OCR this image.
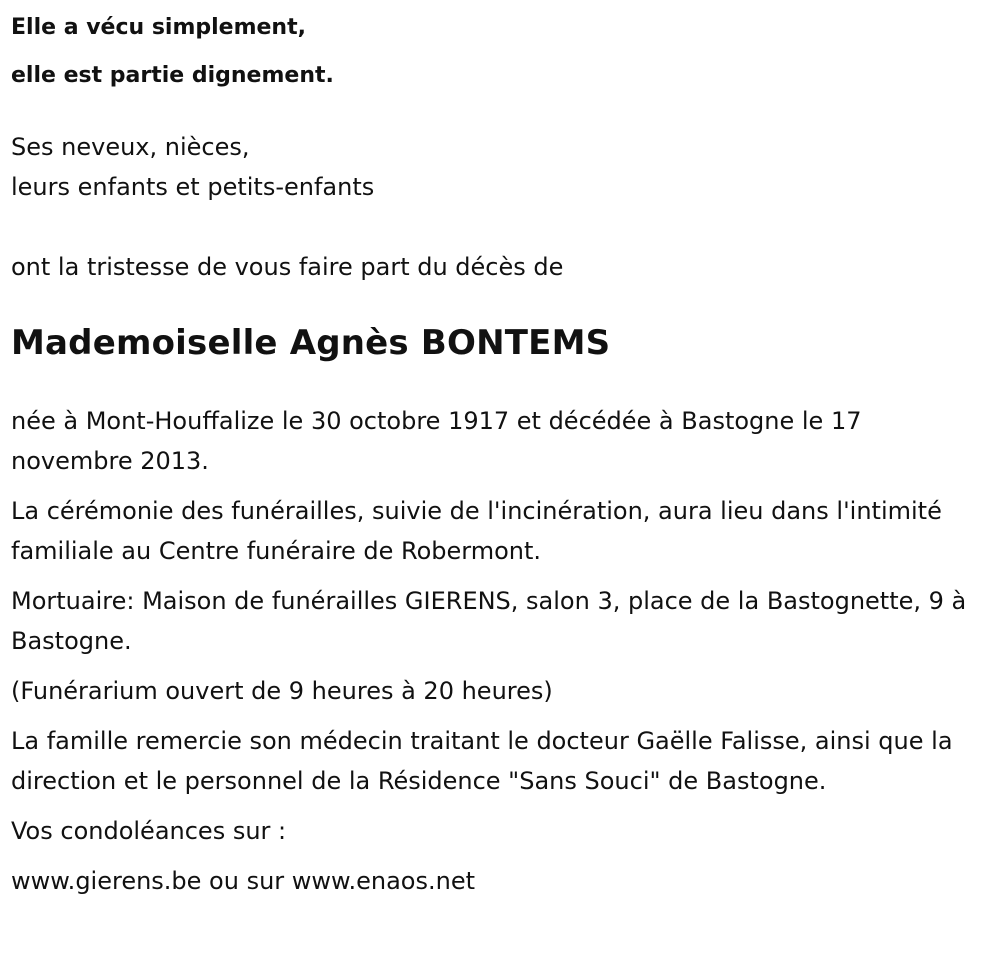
Elle a vécu simplement,
elle est partie dignement.
Ses neveux, nièces,
leurs enfants et petits-enfants

ont la tristesse de vous faire part du décès de

Mademoiselle Agnès BONTEMS

née à Mont-Houffalize le 30 octobre 1917 et décédée à Bastogne le 17 novembre 2013.

La cérémonie des funérailles, suivie de l'incinération, aura lieu dans l'intimité familiale au Centre funéraire de Robermont.

Mortuaire: Maison de funérailles GIERENS, salon 3, place de la Bastognette, 9 à Bastogne.

(Funérarium ouvert de 9 heures à 20 heures)

La famille remercie son médecin traitant le docteur Gaëlle Falisse, ainsi que la direction et le personnel de la Résidence "Sans Souci" de Bastogne.

Vos condoléances sur :

www.gierens.be ou sur www.enaos.net
